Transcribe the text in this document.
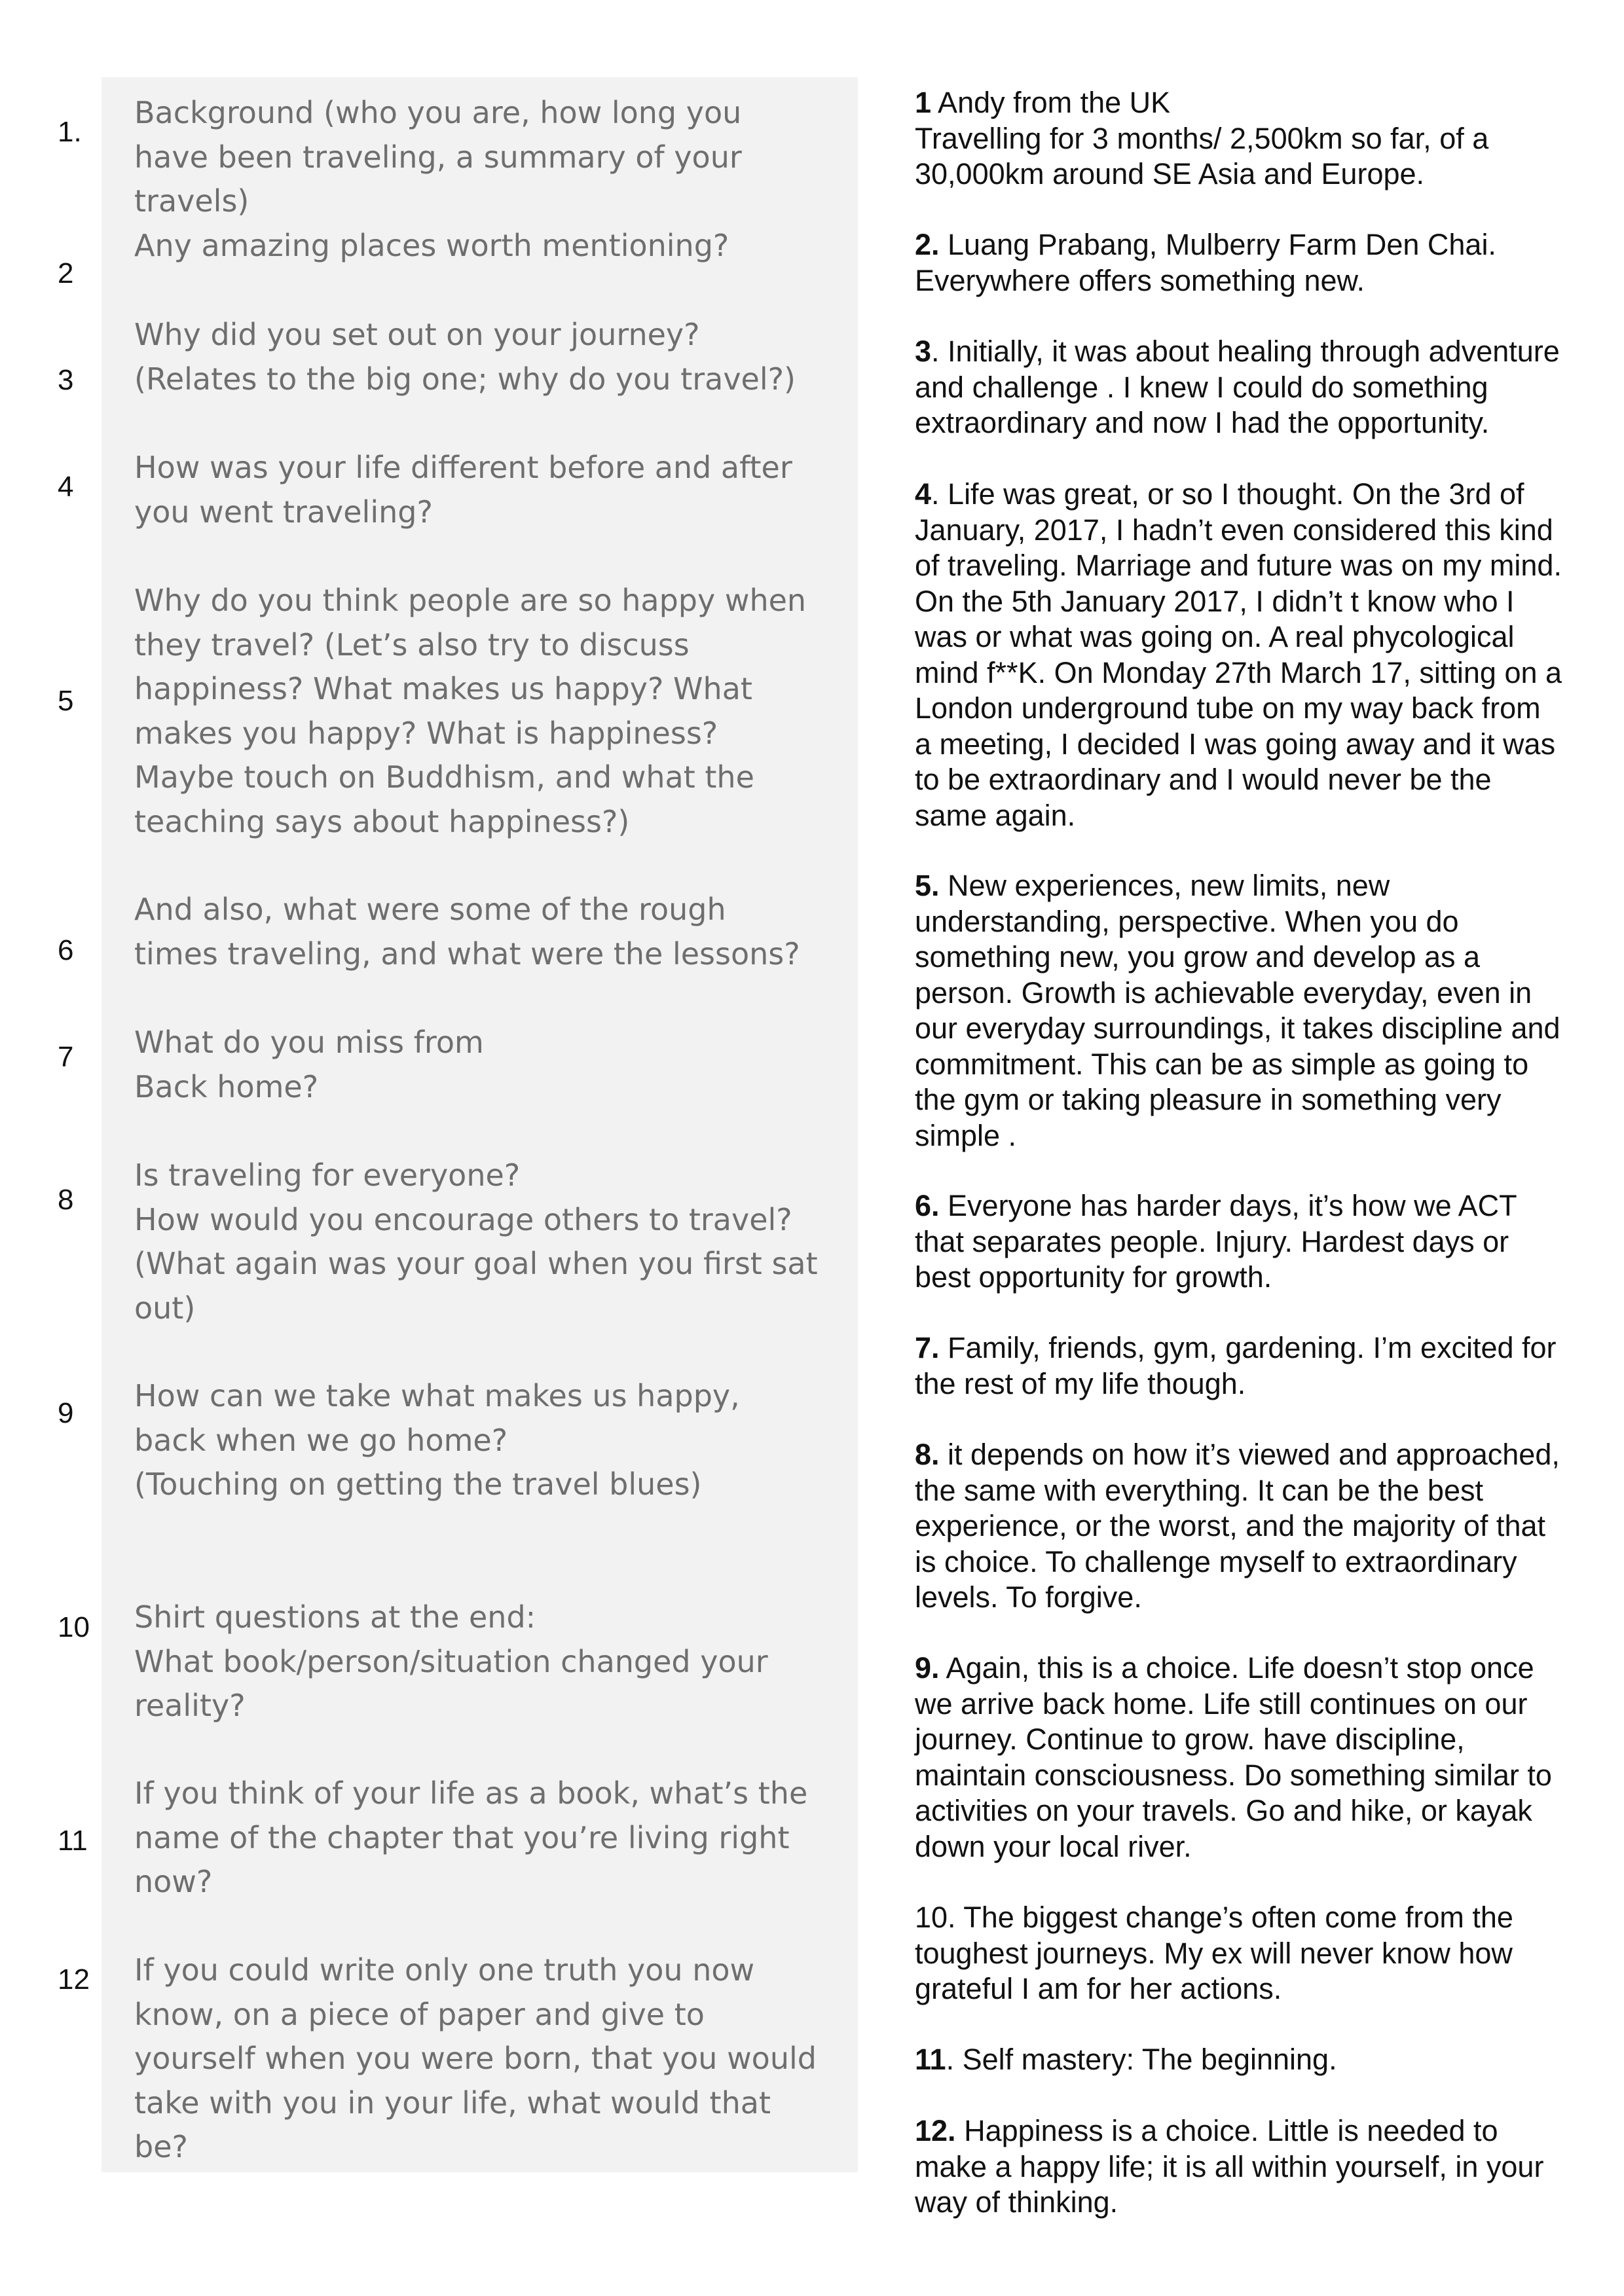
1.
2
3
4
5
6
7
8
9
10
11
12
Background (who you are, how long you
have been traveling, a summary of your
travels)
Any amazing places worth mentioning?
Why did you set out on your journey?
(Relates to the big one; why do you travel?)
How was your life different before and after
you went traveling?
Why do you think people are so happy when
they travel? (Let’s also try to discuss
happiness? What makes us happy? What
makes you happy? What is happiness?
Maybe touch on Buddhism, and what the
teaching says about happiness?)
And also, what were some of the rough
times traveling, and what were the lessons?
What do you miss from
Back home?
Is traveling for everyone?
How would you encourage others to travel?
(What again was your goal when you first sat
out)
How can we take what makes us happy,
back when we go home?
(Touching on getting the travel blues)
Shirt questions at the end:
What book/person/situation changed your
reality?
If you think of your life as a book, what’s the
name of the chapter that you’re living right
now?
If you could write only one truth you now
know, on a piece of paper and give to
yourself when you were born, that you would
take with you in your life, what would that
be?
1 Andy from the UK
Travelling for 3 months/ 2,500km so far, of a
30,000km around SE Asia and Europe.
2. Luang Prabang, Mulberry Farm Den Chai.
Everywhere offers something new.
3. Initially, it was about healing through adventure
and challenge . I knew I could do something
extraordinary and now I had the opportunity.
4. Life was great, or so I thought. On the 3rd of
January, 2017, I hadn’t even considered this kind
of traveling. Marriage and future was on my mind.
On the 5th January 2017, I didn’t t know who I
was or what was going on. A real phycological
mind f**K. On Monday 27th March 17, sitting on a
London underground tube on my way back from
a meeting, I decided I was going away and it was
to be extraordinary and I would never be the
same again.
5. New experiences, new limits, new
understanding, perspective. When you do
something new, you grow and develop as a
person. Growth is achievable everyday, even in
our everyday surroundings, it takes discipline and
commitment. This can be as simple as going to
the gym or taking pleasure in something very
simple .
6. Everyone has harder days, it’s how we ACT
that separates people. Injury. Hardest days or
best opportunity for growth.
7. Family, friends, gym, gardening. I’m excited for
the rest of my life though.
8. it depends on how it’s viewed and approached,
the same with everything. It can be the best
experience, or the worst, and the majority of that
is choice. To challenge myself to extraordinary
levels. To forgive.
9. Again, this is a choice. Life doesn’t stop once
we arrive back home. Life still continues on our
journey. Continue to grow. have discipline,
maintain consciousness. Do something similar to
activities on your travels. Go and hike, or kayak
down your local river.
10. The biggest change’s often come from the
toughest journeys. My ex will never know how
grateful I am for her actions.
11. Self mastery: The beginning.
12. Happiness is a choice. Little is needed to
make a happy life; it is all within yourself, in your
way of thinking.
